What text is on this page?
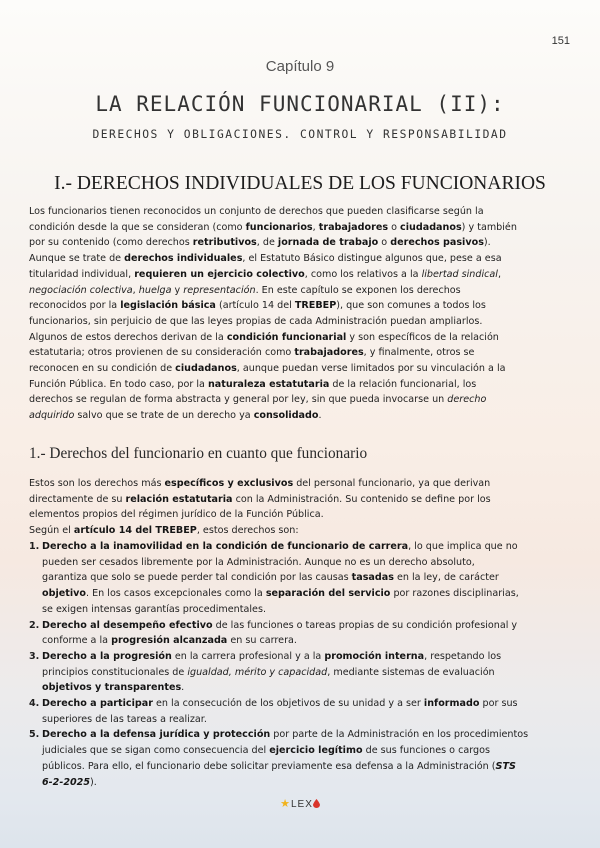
151
Capítulo 9
LA RELACIÓN FUNCIONARIAL (II):
DERECHOS Y OBLIGACIONES. CONTROL Y RESPONSABILIDAD
I.- DERECHOS INDIVIDUALES DE LOS FUNCIONARIOS
Los funcionarios tienen reconocidos un conjunto de derechos que pueden clasificarse según la
condición desde la que se consideran (como funcionarios, trabajadores o ciudadanos) y también
por su contenido (como derechos retributivos, de jornada de trabajo o derechos pasivos).
Aunque se trate de derechos individuales, el Estatuto Básico distingue algunos que, pese a esa
titularidad individual, requieren un ejercicio colectivo, como los relativos a la libertad sindical,
negociación colectiva, huelga y representación. En este capítulo se exponen los derechos
reconocidos por la legislación básica (artículo 14 del TREBEP), que son comunes a todos los
funcionarios, sin perjuicio de que las leyes propias de cada Administración puedan ampliarlos.
Algunos de estos derechos derivan de la condición funcionarial y son específicos de la relación
estatutaria; otros provienen de su consideración como trabajadores, y finalmente, otros se
reconocen en su condición de ciudadanos, aunque puedan verse limitados por su vinculación a la
Función Pública. En todo caso, por la naturaleza estatutaria de la relación funcionarial, los
derechos se regulan de forma abstracta y general por ley, sin que pueda invocarse un derecho
adquirido salvo que se trate de un derecho ya consolidado.
1.- Derechos del funcionario en cuanto que funcionario
Estos son los derechos más específicos y exclusivos del personal funcionario, ya que derivan
directamente de su relación estatutaria con la Administración. Su contenido se define por los
elementos propios del régimen jurídico de la Función Pública.
Según el artículo 14 del TREBEP, estos derechos son:
1. Derecho a la inamovilidad en la condición de funcionario de carrera, lo que implica que no
pueden ser cesados libremente por la Administración. Aunque no es un derecho absoluto,
garantiza que solo se puede perder tal condición por las causas tasadas en la ley, de carácter
objetivo. En los casos excepcionales como la separación del servicio por razones disciplinarias,
se exigen intensas garantías procedimentales.
2. Derecho al desempeño efectivo de las funciones o tareas propias de su condición profesional y
conforme a la progresión alcanzada en su carrera.
3. Derecho a la progresión en la carrera profesional y a la promoción interna, respetando los
principios constitucionales de igualdad, mérito y capacidad, mediante sistemas de evaluación
objetivos y transparentes.
4. Derecho a participar en la consecución de los objetivos de su unidad y a ser informado por sus
superiores de las tareas a realizar.
5. Derecho a la defensa jurídica y protección por parte de la Administración en los procedimientos
judiciales que se sigan como consecuencia del ejercicio legítimo de sus funciones o cargos
públicos. Para ello, el funcionario debe solicitar previamente esa defensa a la Administración (STS
6-2-2025).
★LEX
